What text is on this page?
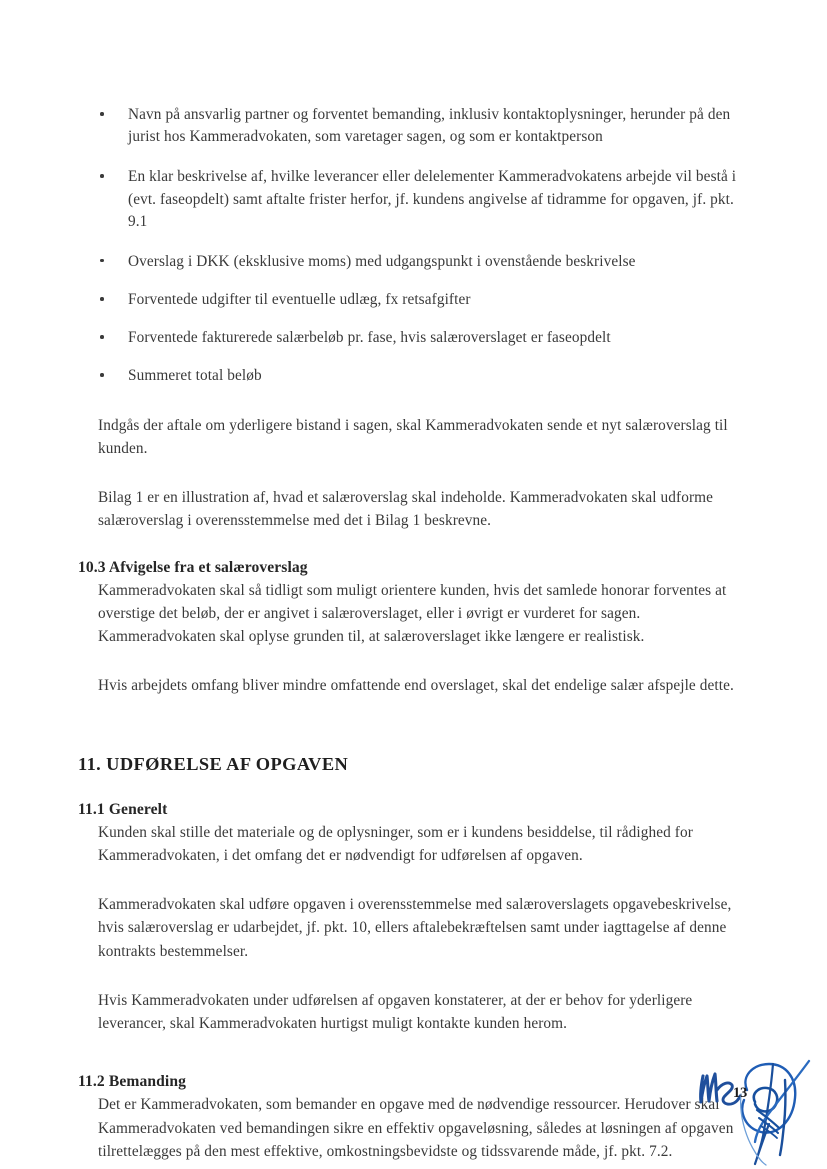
Navn på ansvarlig partner og forventet bemanding, inklusiv kontaktoplysninger, herunder på den jurist hos Kammeradvokaten, som varetager sagen, og som er kontaktperson
En klar beskrivelse af, hvilke leverancer eller delelementer Kammeradvokatens arbejde vil bestå i (evt. faseopdelt) samt aftalte frister herfor, jf. kundens angivelse af tidramme for opgaven, jf. pkt. 9.1
Overslag i DKK (eksklusive moms) med udgangspunkt i ovenstående beskrivelse
Forventede udgifter til eventuelle udlæg, fx retsafgifter
Forventede fakturerede salærbeløb pr. fase, hvis salæroverslaget er faseopdelt
Summeret total beløb

Indgås der aftale om yderligere bistand i sagen, skal Kammeradvokaten sende et nyt salæroverslag til kunden.

Bilag 1 er en illustration af, hvad et salæroverslag skal indeholde. Kammeradvokaten skal udforme salæroverslag i overensstemmelse med det i Bilag 1 beskrevne.

10.3 Afvigelse fra et salæroverslag

Kammeradvokaten skal så tidligt som muligt orientere kunden, hvis det samlede honorar forventes at overstige det beløb, der er angivet i salæroverslaget, eller i øvrigt er vurderet for sagen. Kammeradvokaten skal oplyse grunden til, at salæroverslaget ikke længere er realistisk.

Hvis arbejdets omfang bliver mindre omfattende end overslaget, skal det endelige salær afspejle dette.

11. UDFØRELSE AF OPGAVEN
11.1 Generelt

Kunden skal stille det materiale og de oplysninger, som er i kundens besiddelse, til rådighed for Kammeradvokaten, i det omfang det er nødvendigt for udførelsen af opgaven.

Kammeradvokaten skal udføre opgaven i overensstemmelse med salæroverslagets opgavebeskrivelse, hvis salæroverslag er udarbejdet, jf. pkt. 10, ellers aftalebekræftelsen samt under iagttagelse af denne kontrakts bestemmelser.

Hvis Kammeradvokaten under udførelsen af opgaven konstaterer, at der er behov for yderligere leverancer, skal Kammeradvokaten hurtigst muligt kontakte kunden herom.

11.2 Bemanding

Det er Kammeradvokaten, som bemander en opgave med de nødvendige ressourcer. Herudover skal Kammeradvokaten ved bemandingen sikre en effektiv opgaveløsning, således at løsningen af opgaven tilrettelægges på den mest effektive, omkostningsbevidste og tidssvarende måde, jf. pkt. 7.2.

13
